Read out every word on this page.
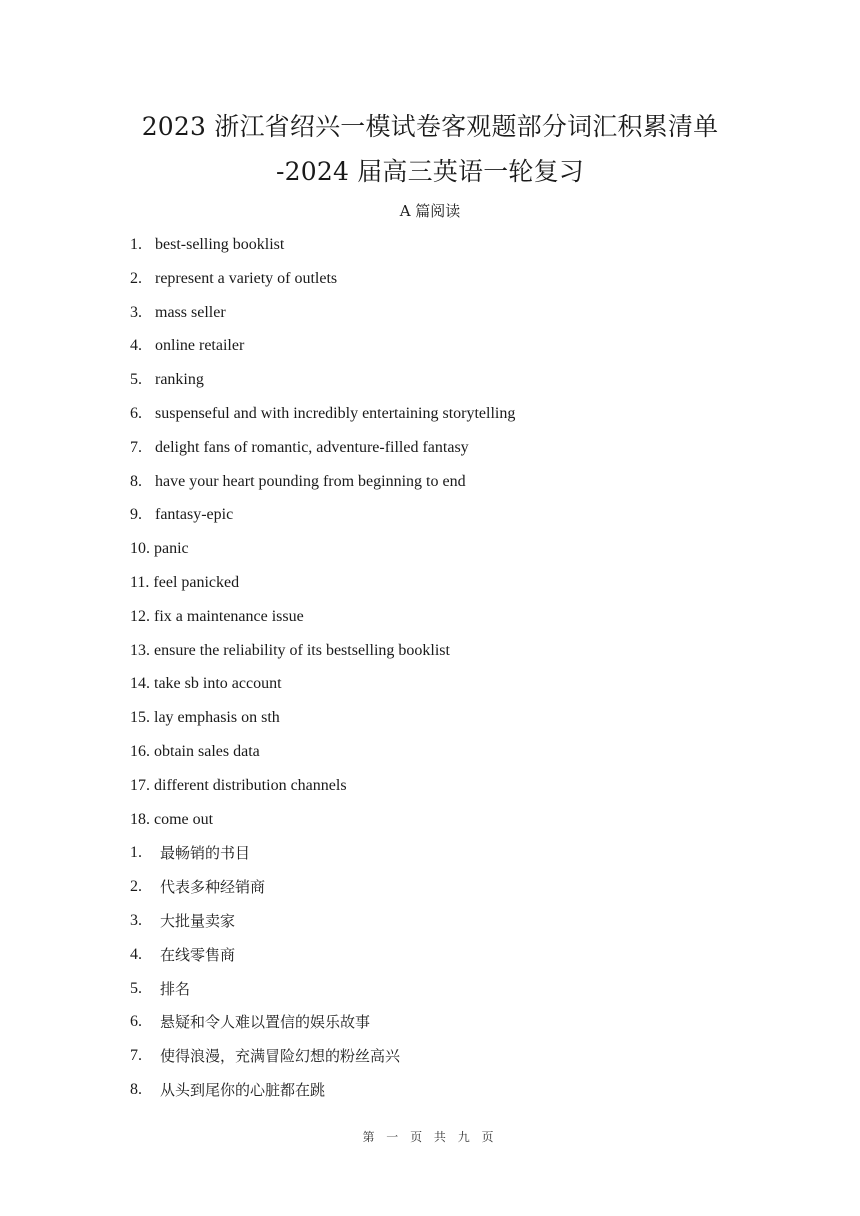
2023 浙江省绍兴一模试卷客观题部分词汇积累清单
-2024 届高三英语一轮复习
A 篇阅读
1. best-selling booklist
2. represent a variety of outlets
3. mass seller
4. online retailer
5. ranking
6. suspenseful and with incredibly entertaining storytelling
7. delight fans of romantic, adventure-filled fantasy
8. have your heart pounding from beginning to end
9. fantasy-epic
10. panic
11. feel panicked
12. fix a maintenance issue
13. ensure the reliability of its bestselling booklist
14. take sb into account
15. lay emphasis on sth
16. obtain sales data
17. different distribution channels
18. come out
1.	最畅销的书目
2.	代表多种经销商
3.	大批量卖家
4.	在线零售商
5.	排名
6.	悬疑和令人难以置信的娱乐故事
7.	使得浪漫，充满冒险幻想的粉丝高兴
8.	从头到尾你的心脏都在跳
第 一 页 共 九 页
